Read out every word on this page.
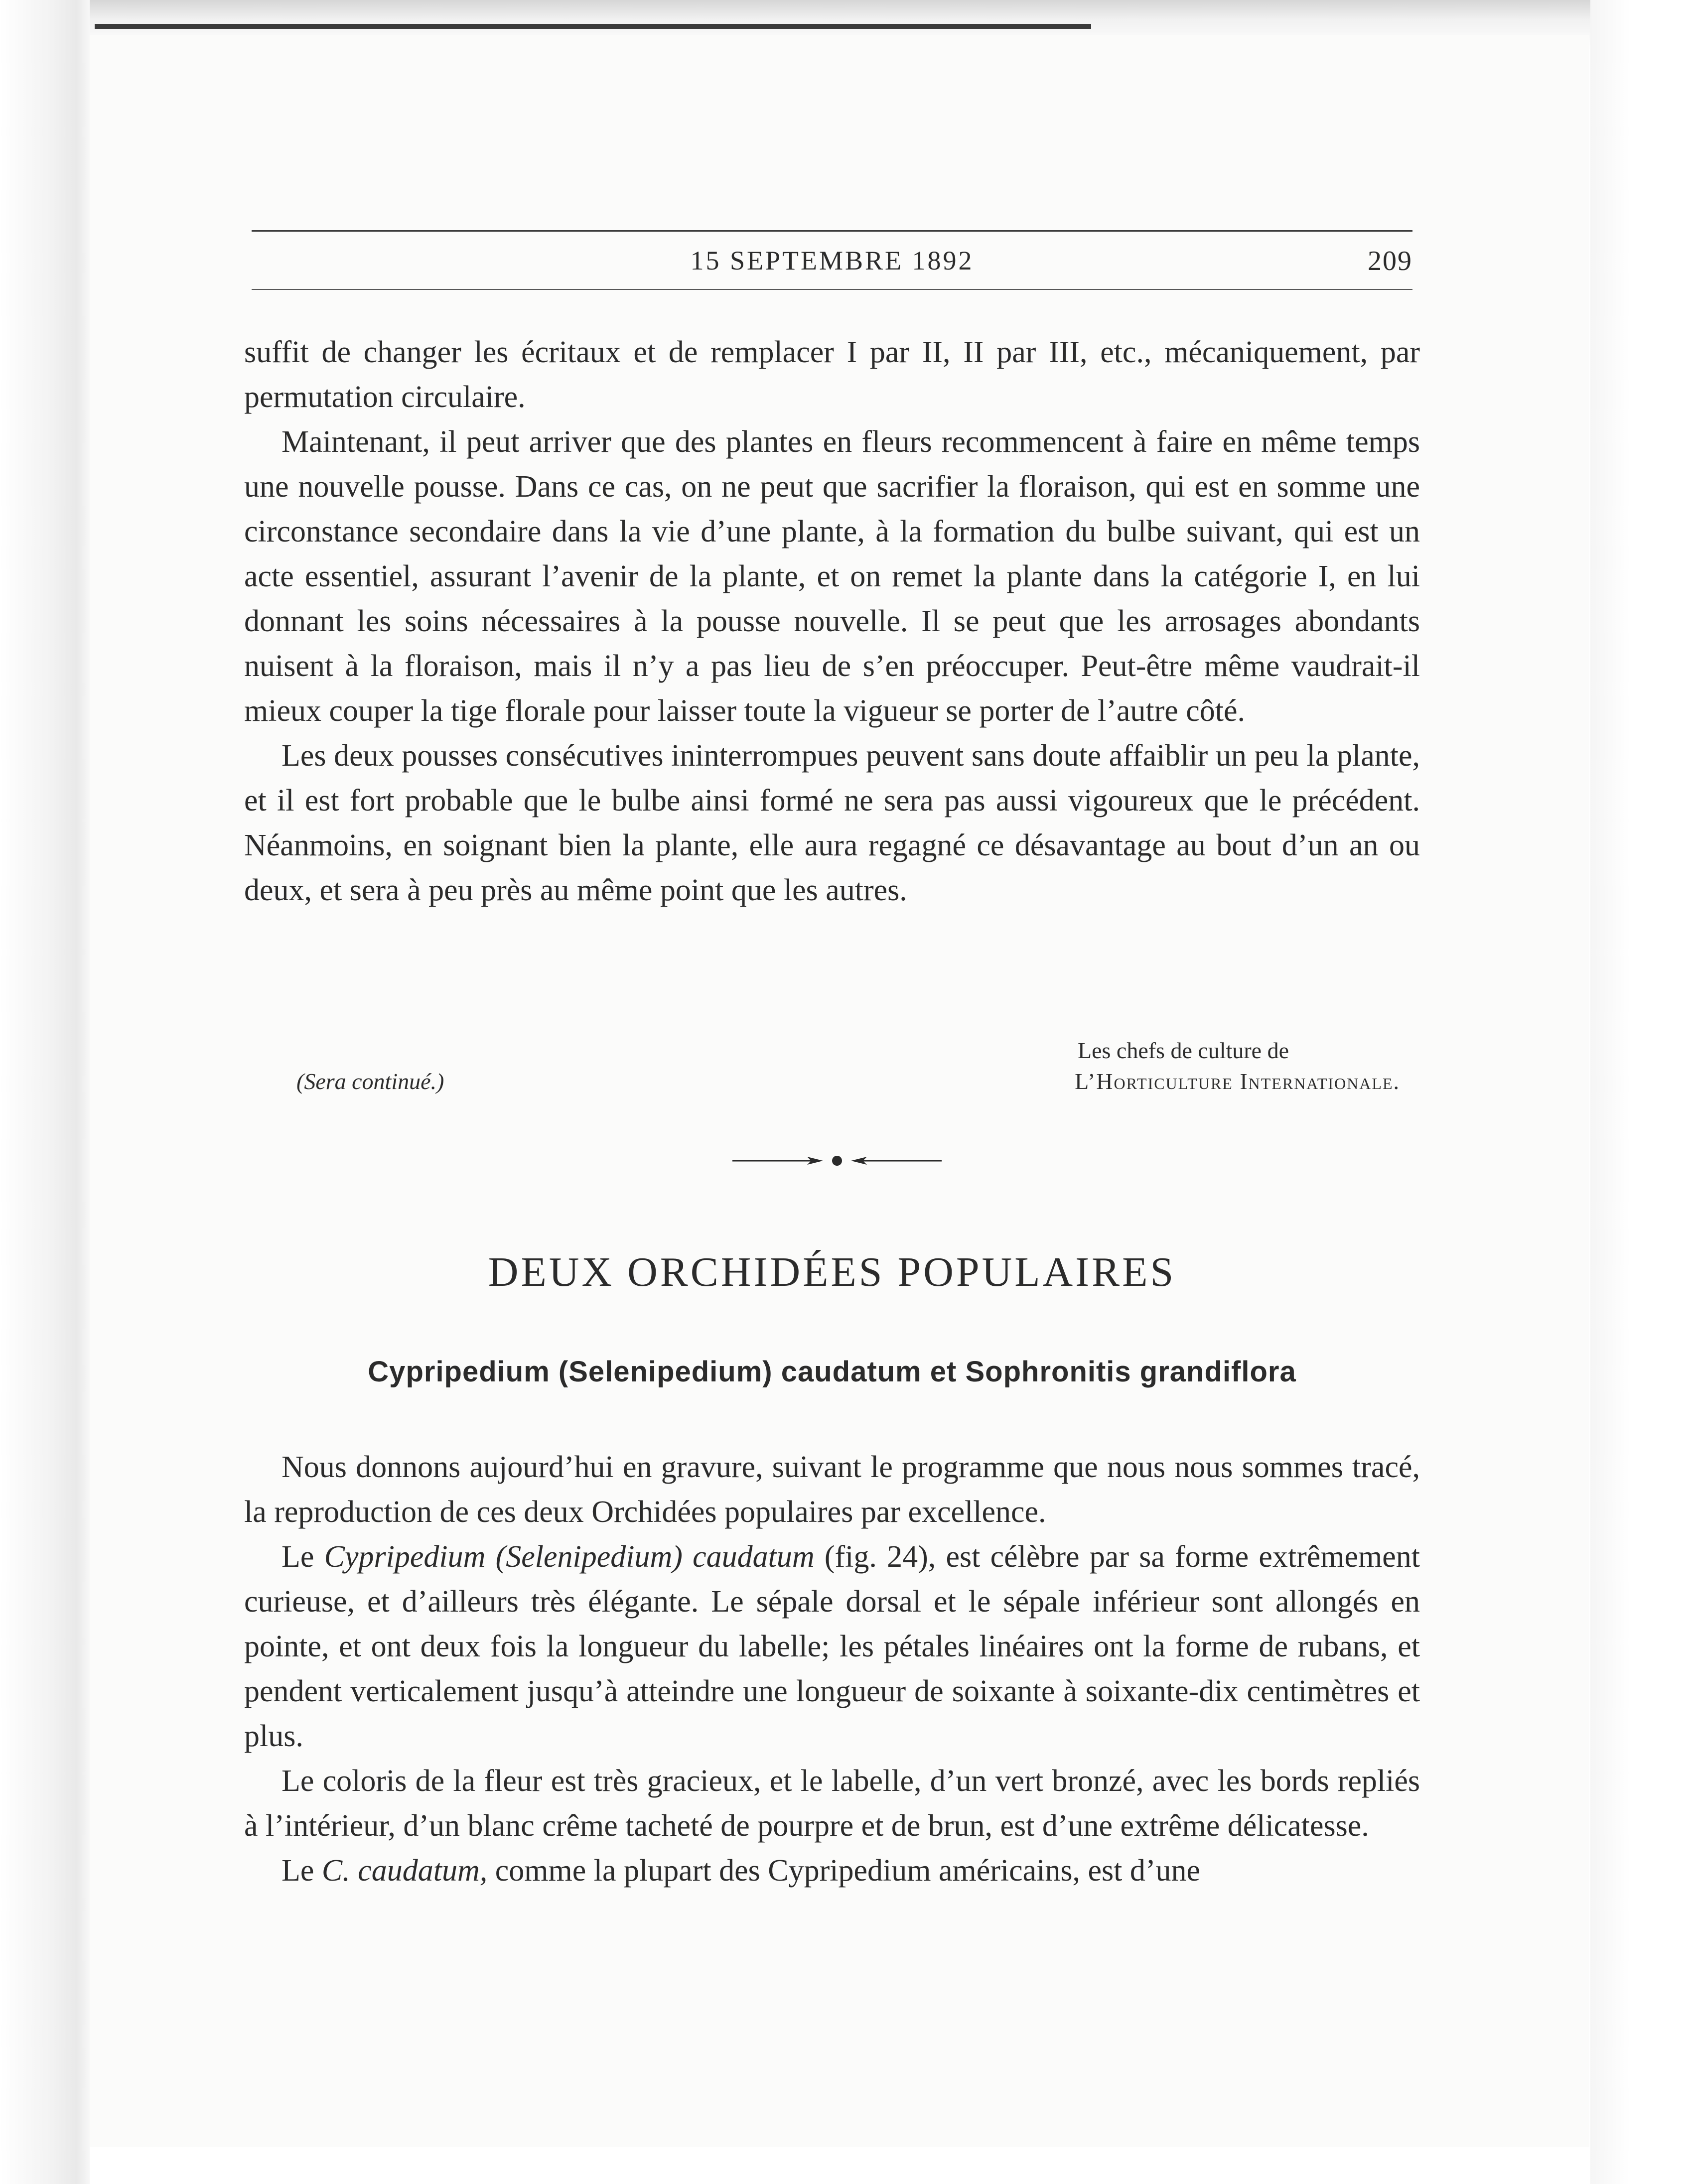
15 SEPTEMBRE 1892	209

suffit de changer les écritaux et de remplacer I par II, II par III, etc., mécaniquement, par permutation circulaire.

Maintenant, il peut arriver que des plantes en fleurs recommencent à faire en même temps une nouvelle pousse. Dans ce cas, on ne peut que sacrifier la floraison, qui est en somme une circonstance secondaire dans la vie d’une plante, à la formation du bulbe suivant, qui est un acte essentiel, assurant l’avenir de la plante, et on remet la plante dans la catégorie I, en lui donnant les soins nécessaires à la pousse nouvelle. Il se peut que les arrosages abondants nuisent à la floraison, mais il n’y a pas lieu de s’en préoccuper. Peut-être même vaudrait-il mieux couper la tige florale pour laisser toute la vigueur se porter de l’autre côté.

Les deux pousses consécutives ininterrompues peuvent sans doute affaiblir un peu la plante, et il est fort probable que le bulbe ainsi formé ne sera pas aussi vigoureux que le précédent. Néanmoins, en soignant bien la plante, elle aura regagné ce désavantage au bout d’un an ou deux, et sera à peu près au même point que les autres.

Les chefs de culture de
L’Horticulture Internationale.
(Sera continué.)
DEUX ORCHIDÉES POPULAIRES
Cypripedium (Selenipedium) caudatum et Sophronitis grandiflora

Nous donnons aujourd’hui en gravure, suivant le programme que nous nous sommes tracé, la reproduction de ces deux Orchidées populaires par excellence.

Le Cypripedium (Selenipedium) caudatum (fig. 24), est célèbre par sa forme extrêmement curieuse, et d’ailleurs très élégante. Le sépale dorsal et le sépale inférieur sont allongés en pointe, et ont deux fois la longueur du labelle; les pétales linéaires ont la forme de rubans, et pendent verticalement jusqu’à atteindre une longueur de soixante à soixante-dix centimètres et plus.

Le coloris de la fleur est très gracieux, et le labelle, d’un vert bronzé, avec les bords repliés à l’intérieur, d’un blanc crême tacheté de pourpre et de brun, est d’une extrême délicatesse.

Le C. caudatum, comme la plupart des Cypripedium américains, est d’une
